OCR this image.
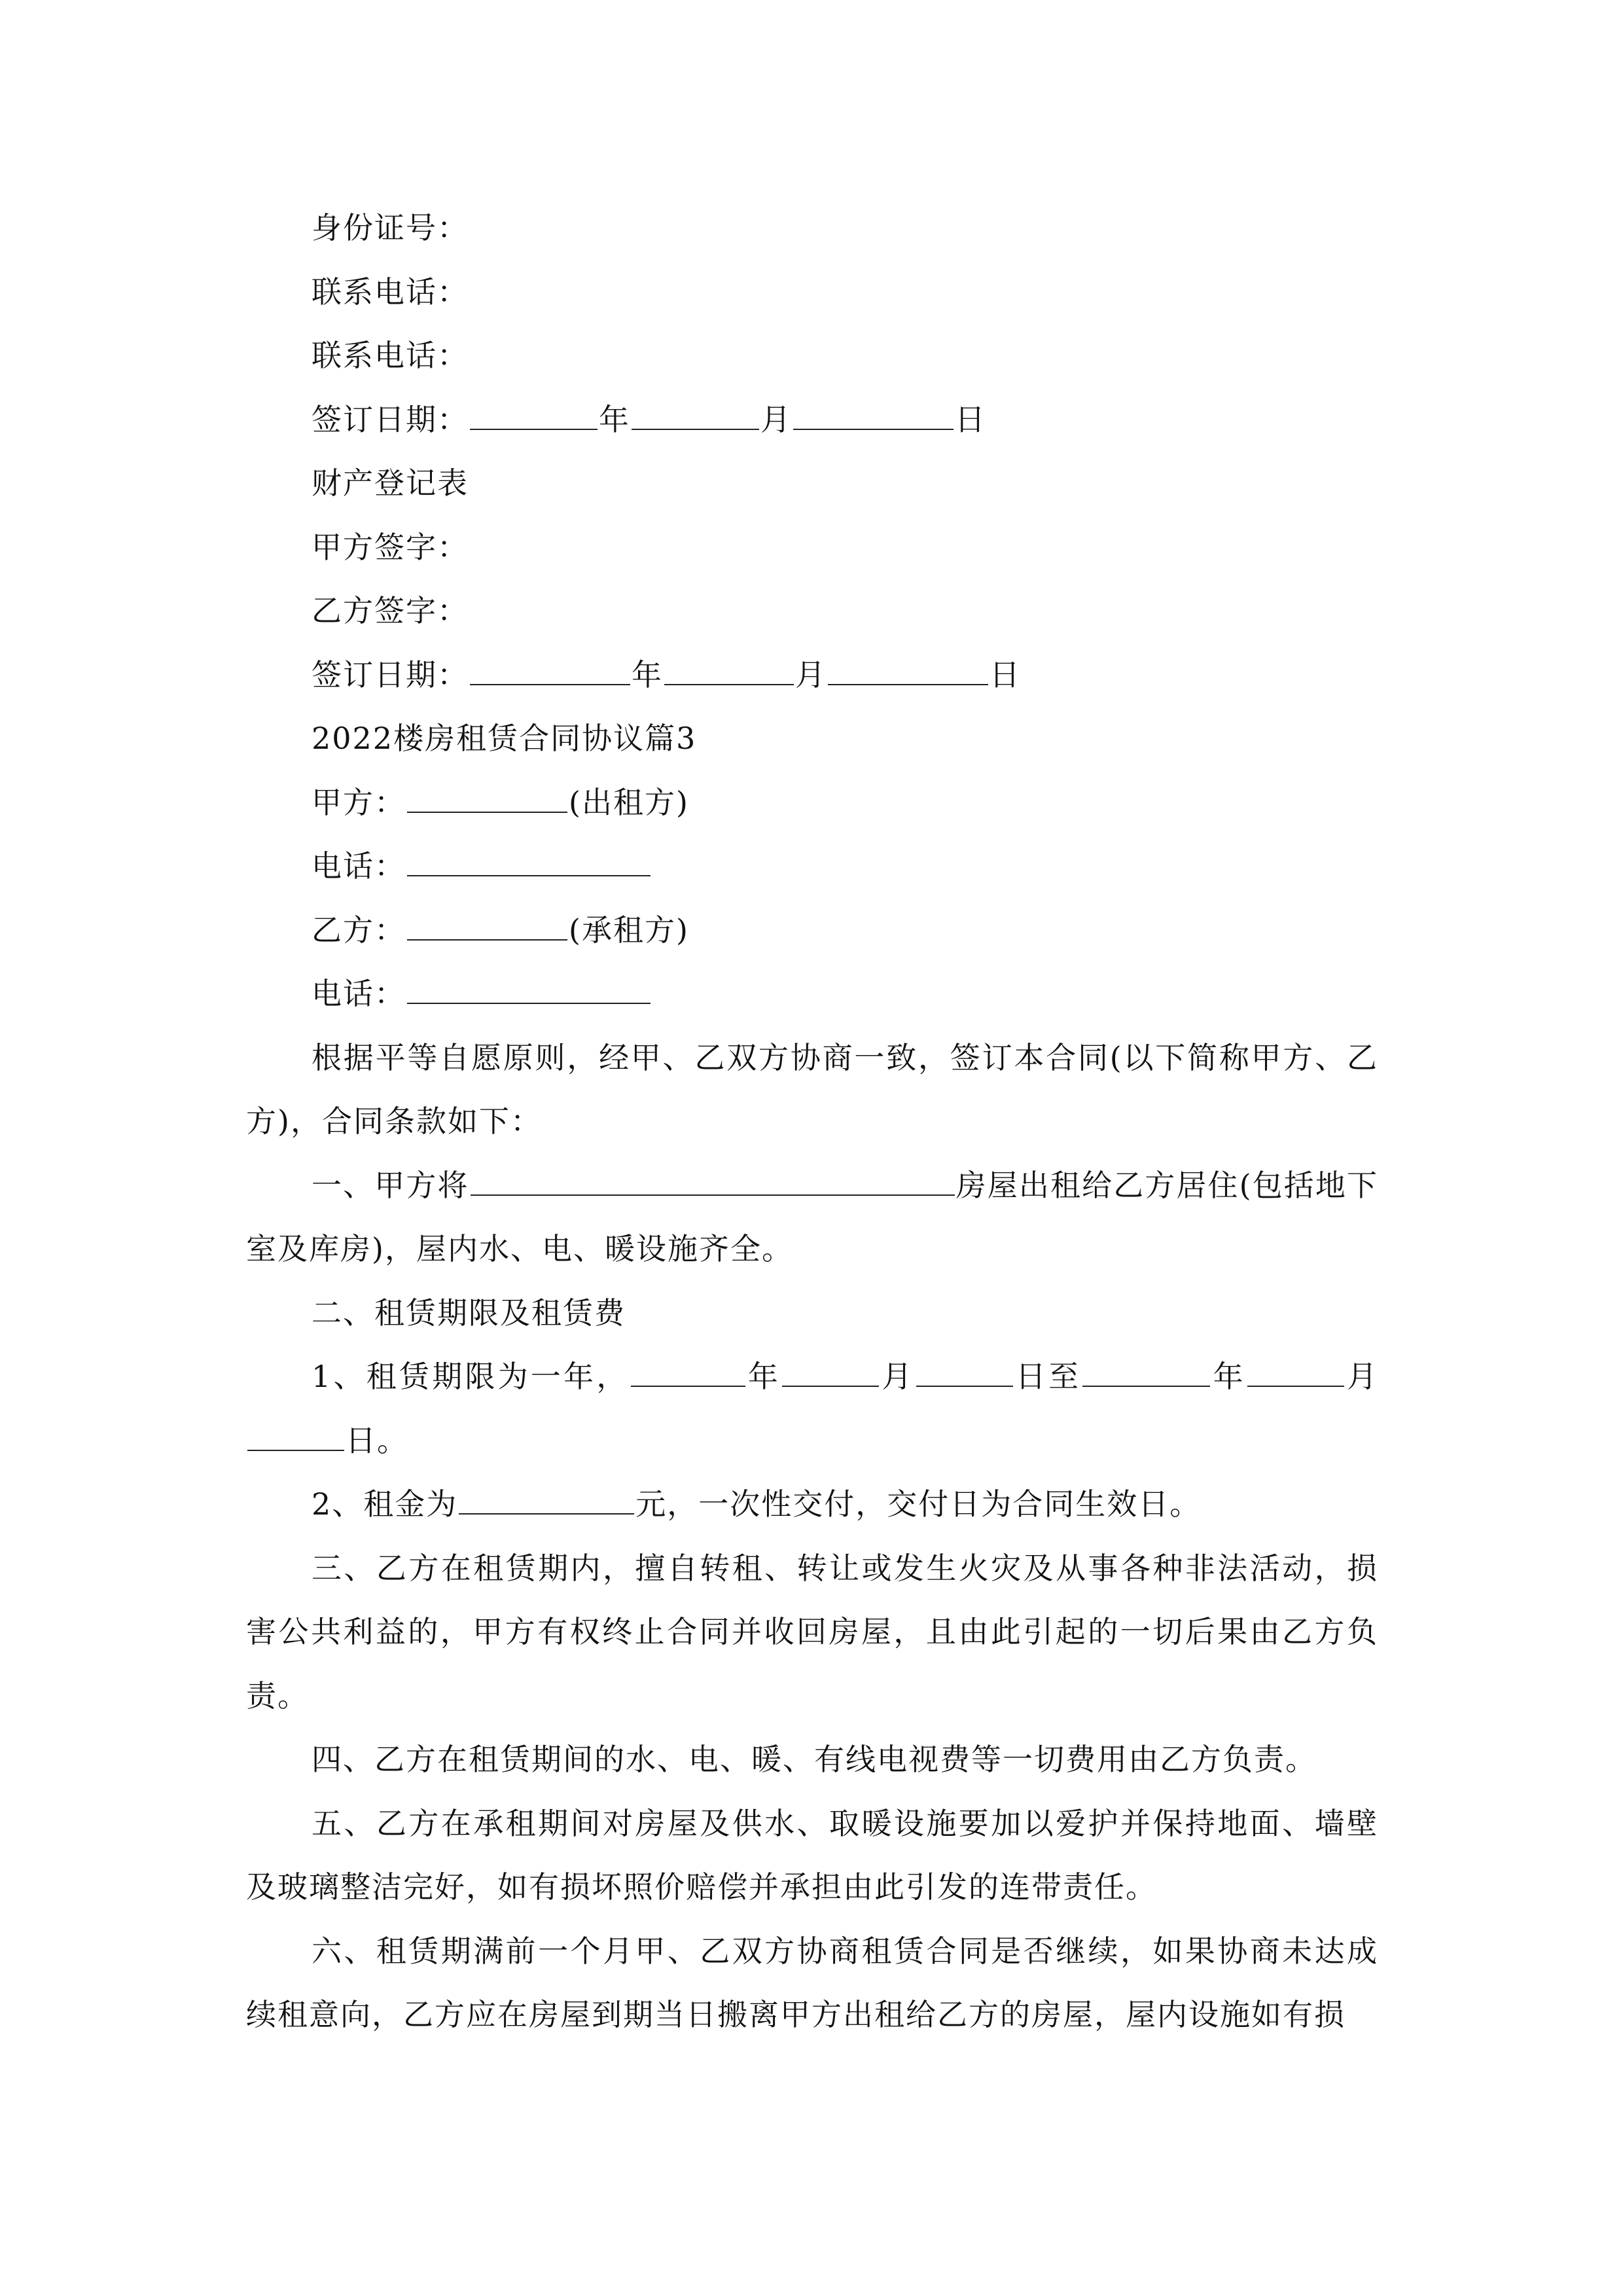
身份证号：
联系电话：
联系电话：
签订日期：	年	月	日
财产登记表
甲方签字：
乙方签字：
签订日期：	年	月	日
2022楼房租赁合同协议篇3
甲方：	(出租方)
电话：
乙方：	(承租方)
电话：

根据平等自愿原则，经甲、乙双方协商一致，签订本合同(以下简称甲方、乙方)，合同条款如下：

一、甲方将	房屋出租给乙方居住(包括地下室及库房)，屋内水、电、暖设施齐全。

二、租赁期限及租赁费

1、租赁期限为一年，	年	月	日至	年	月日。

2、租金为	元，一次性交付，交付日为合同生效日。

三、乙方在租赁期内，擅自转租、转让或发生火灾及从事各种非法活动，损害公共利益的，甲方有权终止合同并收回房屋，且由此引起的一切后果由乙方负责。

四、乙方在租赁期间的水、电、暖、有线电视费等一切费用由乙方负责。

五、乙方在承租期间对房屋及供水、取暖设施要加以爱护并保持地面、墙壁及玻璃整洁完好，如有损坏照价赔偿并承担由此引发的连带责任。

六、租赁期满前一个月甲、乙双方协商租赁合同是否继续，如果协商未达成续租意向，乙方应在房屋到期当日搬离甲方出租给乙方的房屋，屋内设施如有损
